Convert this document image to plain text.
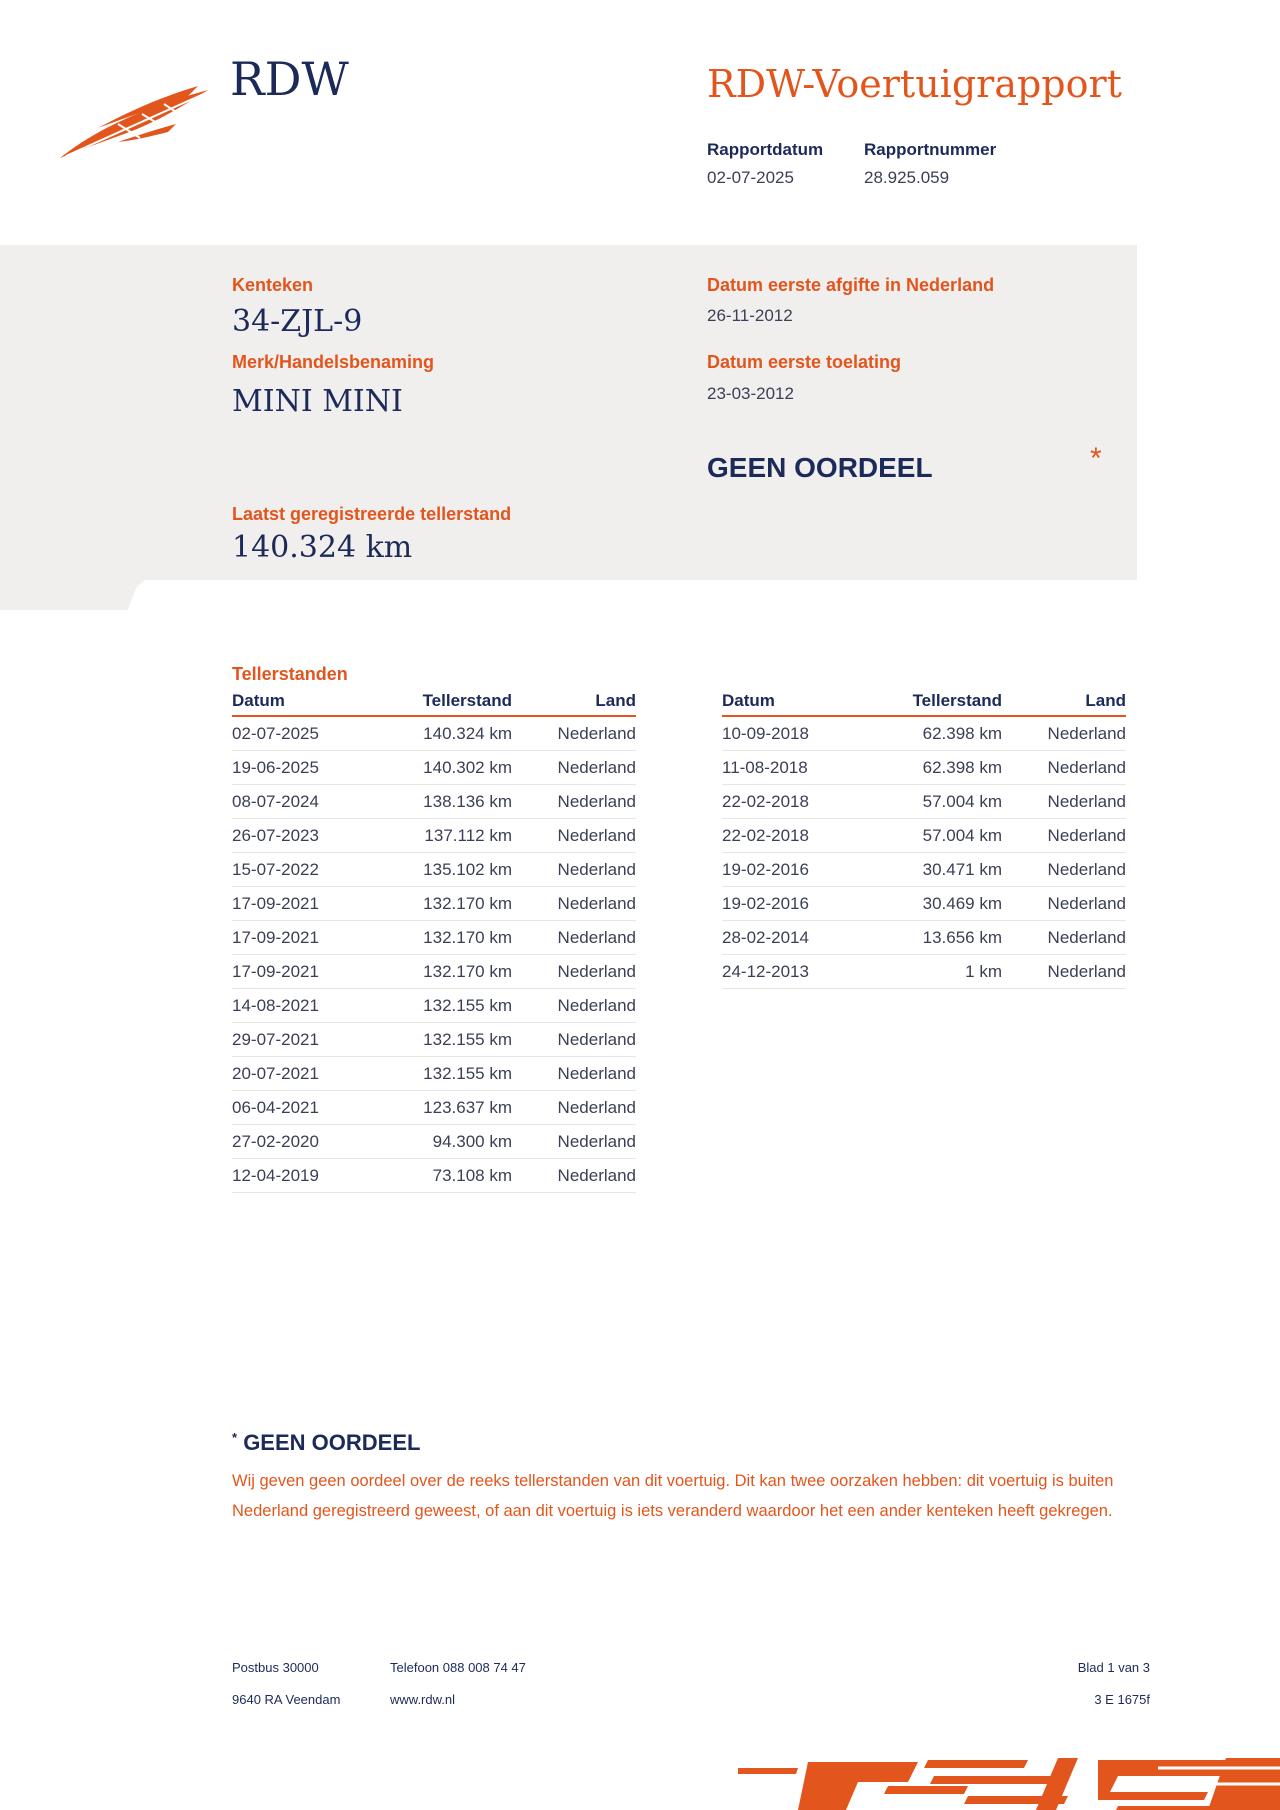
RDW	RDW-Voertuigrapport
Rapportdatum
02-07-2025
Rapportnummer
28.925.059
Kenteken
34-ZJL-9
Merk/Handelsbenaming
MINI MINI
Datum eerste afgifte in Nederland
26-11-2012
Datum eerste toelating
23-03-2012
GEEN OORDEEL	*
Laatst geregistreerde tellerstand
140.324 km
Tellerstanden
Datum	Tellerstand	Land
02-07-2025	140.324 km	Nederland
19-06-2025	140.302 km	Nederland
08-07-2024	138.136 km	Nederland
26-07-2023	137.112 km	Nederland
15-07-2022	135.102 km	Nederland
17-09-2021	132.170 km	Nederland
17-09-2021	132.170 km	Nederland
17-09-2021	132.170 km	Nederland
14-08-2021	132.155 km	Nederland
29-07-2021	132.155 km	Nederland
20-07-2021	132.155 km	Nederland
06-04-2021	123.637 km	Nederland
27-02-2020	94.300 km	Nederland
12-04-2019	73.108 km	Nederland
Datum	Tellerstand	Land
10-09-2018	62.398 km	Nederland
11-08-2018	62.398 km	Nederland
22-02-2018	57.004 km	Nederland
22-02-2018	57.004 km	Nederland
19-02-2016	30.471 km	Nederland
19-02-2016	30.469 km	Nederland
28-02-2014	13.656 km	Nederland
24-12-2013	1 km	Nederland
* GEEN OORDEEL
Wij geven geen oordeel over de reeks tellerstanden van dit voertuig. Dit kan twee oorzaken hebben: dit voertuig is buiten Nederland geregistreerd geweest, of aan dit voertuig is iets veranderd waardoor het een ander kenteken heeft gekregen.
Postbus 30000
9640 RA Veendam
Telefoon 088 008 74 47
www.rdw.nl
Blad 1 van 3
3 E 1675f
